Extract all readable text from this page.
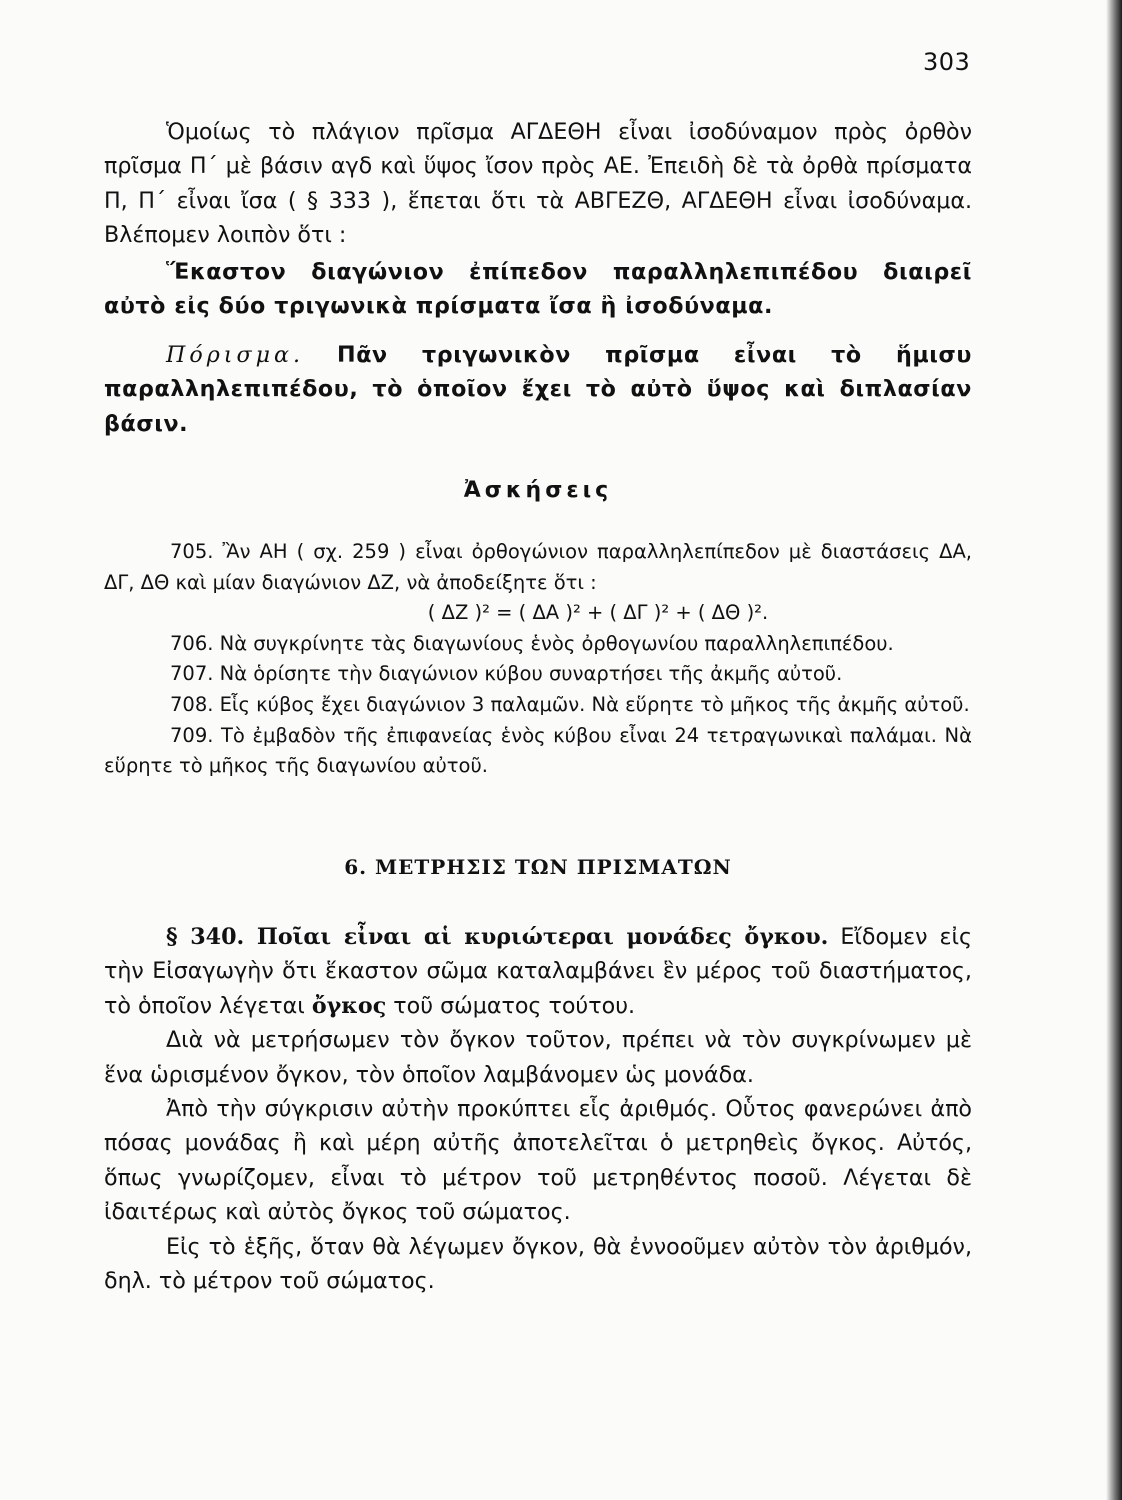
303

Ὁμοίως τὸ πλάγιον πρῖσμα ΑΓΔΕΘΗ εἶναι ἰσοδύναμον πρὸς ὀρθὸν πρῖσμα Π΄ μὲ βάσιν αγδ καὶ ὕψος ἴσον πρὸς ΑΕ. Ἐπειδὴ δὲ τὰ ὀρθὰ πρίσματα Π, Π΄ εἶναι ἴσα ( § 333 ), ἕπεται ὅτι τὰ ΑΒΓΕΖΘ, ΑΓΔΕΘΗ εἶναι ἰσοδύναμα. Βλέπομεν λοιπὸν ὅτι :

Ἕκαστον διαγώνιον ἐπίπεδον παραλληλεπιπέδου διαιρεῖ αὐτὸ εἰς δύο τριγωνικὰ πρίσματα ἴσα ἢ ἰσοδύναμα.

Πόρισμα. Πᾶν τριγωνικὸν πρῖσμα εἶναι τὸ ἥμισυ παραλληλεπιπέδου, τὸ ὁποῖον ἔχει τὸ αὐτὸ ὕψος καὶ διπλασίαν βάσιν.

Ἀσκήσεις

705. Ἂν ΑΗ ( σχ. 259 ) εἶναι ὀρθογώνιον παραλληλεπίπεδον μὲ διαστάσεις ΔΑ, ΔΓ, ΔΘ καὶ μίαν διαγώνιον ΔΖ, νὰ ἀποδείξητε ὅτι :

( ΔΖ )² = ( ΔΑ )² + ( ΔΓ )² + ( ΔΘ )².

706. Νὰ συγκρίνητε τὰς διαγωνίους ἑνὸς ὀρθογωνίου παραλληλεπιπέδου.

707. Νὰ ὁρίσητε τὴν διαγώνιον κύβου συναρτήσει τῆς ἀκμῆς αὐτοῦ.

708. Εἷς κύβος ἔχει διαγώνιον 3 παλαμῶν. Νὰ εὕρητε τὸ μῆκος τῆς ἀκμῆς αὐτοῦ.

709. Τὸ ἐμβαδὸν τῆς ἐπιφανείας ἑνὸς κύβου εἶναι 24 τετραγωνικαὶ παλάμαι. Νὰ εὕρητε τὸ μῆκος τῆς διαγωνίου αὐτοῦ.

6. ΜΕΤΡΗΣΙΣ ΤΩΝ ΠΡΙΣΜΑΤΩΝ

§ 340. Ποῖαι εἶναι αἱ κυριώτεραι μονάδες ὄγκου. Εἴδομεν εἰς τὴν Εἰσαγωγὴν ὅτι ἕκαστον σῶμα καταλαμβάνει ἓν μέρος τοῦ διαστήματος, τὸ ὁποῖον λέγεται ὄγκος τοῦ σώματος τούτου.

Διὰ νὰ μετρήσωμεν τὸν ὄγκον τοῦτον, πρέπει νὰ τὸν συγκρίνωμεν μὲ ἕνα ὡρισμένον ὄγκον, τὸν ὁποῖον λαμβάνομεν ὡς μονάδα.

Ἀπὸ τὴν σύγκρισιν αὐτὴν προκύπτει εἷς ἀριθμός. Οὗτος φανερώνει ἀπὸ πόσας μονάδας ἢ καὶ μέρη αὐτῆς ἀποτελεῖται ὁ μετρηθεὶς ὄγκος. Αὐτός, ὅπως γνωρίζομεν, εἶναι τὸ μέτρον τοῦ μετρηθέντος ποσοῦ. Λέγεται δὲ ἰδαιτέρως καὶ αὐτὸς ὄγκος τοῦ σώματος.

Εἰς τὸ ἑξῆς, ὅταν θὰ λέγωμεν ὄγκον, θὰ ἐννοοῦμεν αὐτὸν τὸν ἀριθμόν, δηλ. τὸ μέτρον τοῦ σώματος.
